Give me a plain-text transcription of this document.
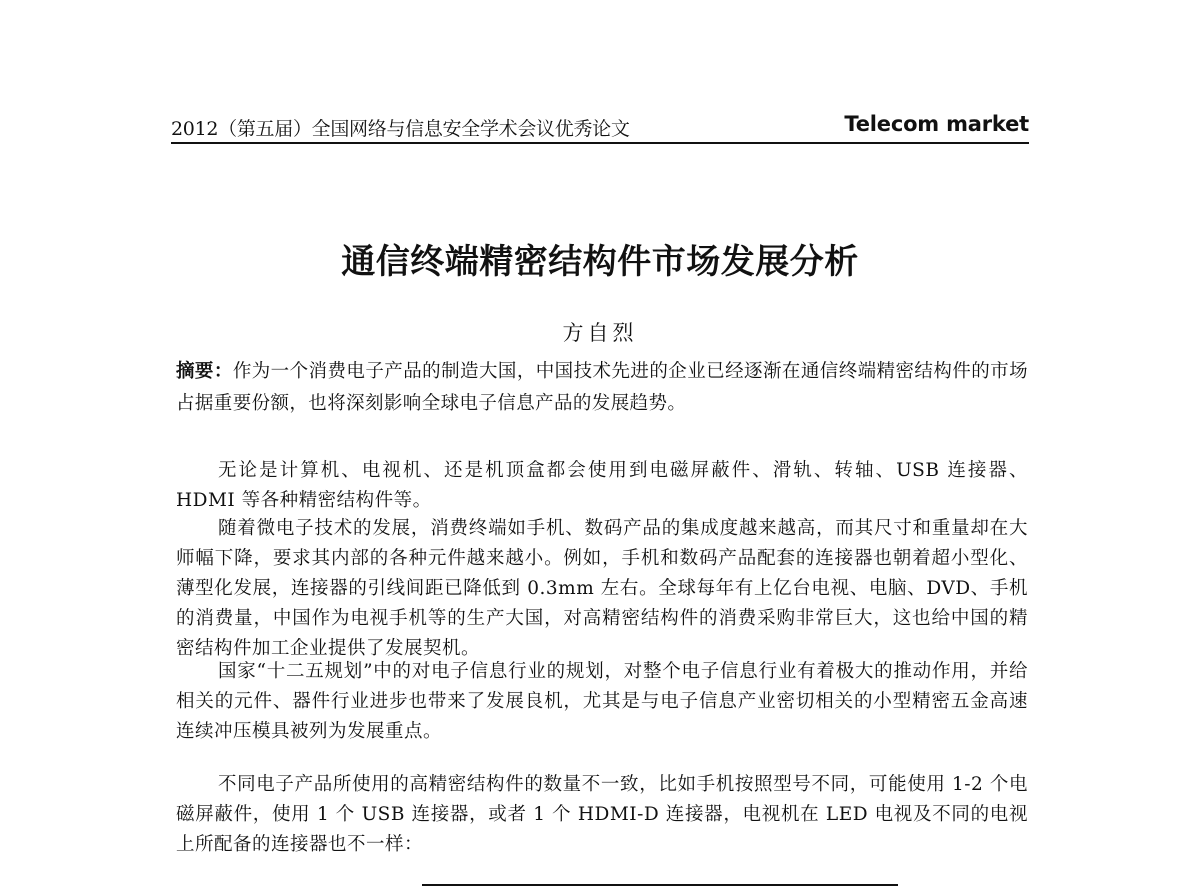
2012（第五届）全国网络与信息安全学术会议优秀论文	Telecom market
通信终端精密结构件市场发展分析
方自烈
摘要：作为一个消费电子产品的制造大国，中国技术先进的企业已经逐渐在通信终端精密结构件的市场占据重要份额，也将深刻影响全球电子信息产品的发展趋势。

无论是计算机、电视机、还是机顶盒都会使用到电磁屏蔽件、滑轨、转轴、USB 连接器、HDMI 等各种精密结构件等。

随着微电子技术的发展，消费终端如手机、数码产品的集成度越来越高，而其尺寸和重量却在大师幅下降，要求其内部的各种元件越来越小。例如，手机和数码产品配套的连接器也朝着超小型化、薄型化发展，连接器的引线间距已降低到 0.3mm 左右。全球每年有上亿台电视、电脑、DVD、手机的消费量，中国作为电视手机等的生产大国，对高精密结构件的消费采购非常巨大，这也给中国的精密结构件加工企业提供了发展契机。

国家“十二五规划”中的对电子信息行业的规划，对整个电子信息行业有着极大的推动作用，并给相关的元件、器件行业进步也带来了发展良机，尤其是与电子信息产业密切相关的小型精密五金高速连续冲压模具被列为发展重点。

不同电子产品所使用的高精密结构件的数量不一致，比如手机按照型号不同，可能使用 1-2 个电磁屏蔽件，使用 1 个 USB 连接器，或者 1 个 HDMI-D 连接器，电视机在 LED 电视及不同的电视上所配备的连接器也不一样：
